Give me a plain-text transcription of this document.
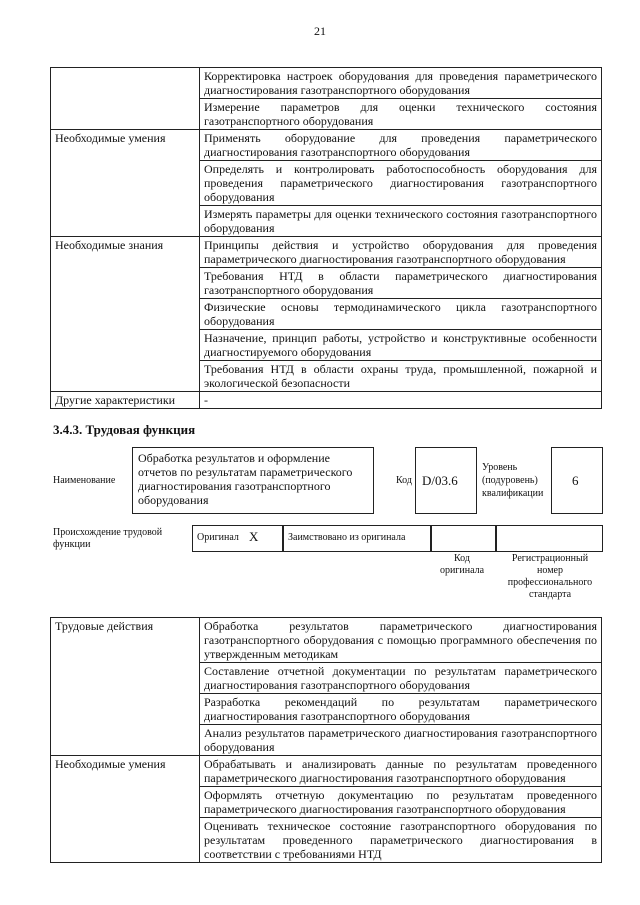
21
	Корректировка настроек оборудования для проведения параметрического диагностирования газотранспортного оборудования
	Измерение параметров для оценки технического состояния газотранспортного оборудования
Необходимые умения	Применять оборудование для проведения параметрического диагностирования газотранспортного оборудования
	Определять и контролировать работоспособность оборудования для проведения параметрического диагностирования газотранспортного оборудования
	Измерять параметры для оценки технического состояния газотранспортного оборудования
Необходимые знания	Принципы действия и устройство оборудования для проведения параметрического диагностирования газотранспортного оборудования
	Требования НТД в области параметрического диагностирования газотранспортного оборудования
	Физические основы термодинамического цикла газотранспортного оборудования
	Назначение, принцип работы, устройство и конструктивные особенности диагностируемого оборудования
	Требования НТД в области охраны труда, промышленной, пожарной и экологической безопасности
Другие характеристики	-
3.4.3. Трудовая функция
Наименование
Обработка результатов и оформление отчетов по результатам параметрического диагностирования газотранспортного оборудования
Код D/03.6
Уровень (подуровень) квалификации
6
Происхождение трудовой функции
Оригинал X	Заимствовано из оригинала
Код оригинала
Регистрационный номер профессионального стандарта
Трудовые действия	Обработка результатов параметрического диагностирования газотранспортного оборудования с помощью программного обеспечения по утвержденным методикам
	Составление отчетной документации по результатам параметрического диагностирования газотранспортного оборудования
	Разработка рекомендаций по результатам параметрического диагностирования газотранспортного оборудования
	Анализ результатов параметрического диагностирования газотранспортного оборудования
Необходимые умения	Обрабатывать и анализировать данные по результатам проведенного параметрического диагностирования газотранспортного оборудования
	Оформлять отчетную документацию по результатам проведенного параметрического диагностирования газотранспортного оборудования
	Оценивать техническое состояние газотранспортного оборудования по результатам проведенного параметрического диагностирования в соответствии с требованиями НТД
